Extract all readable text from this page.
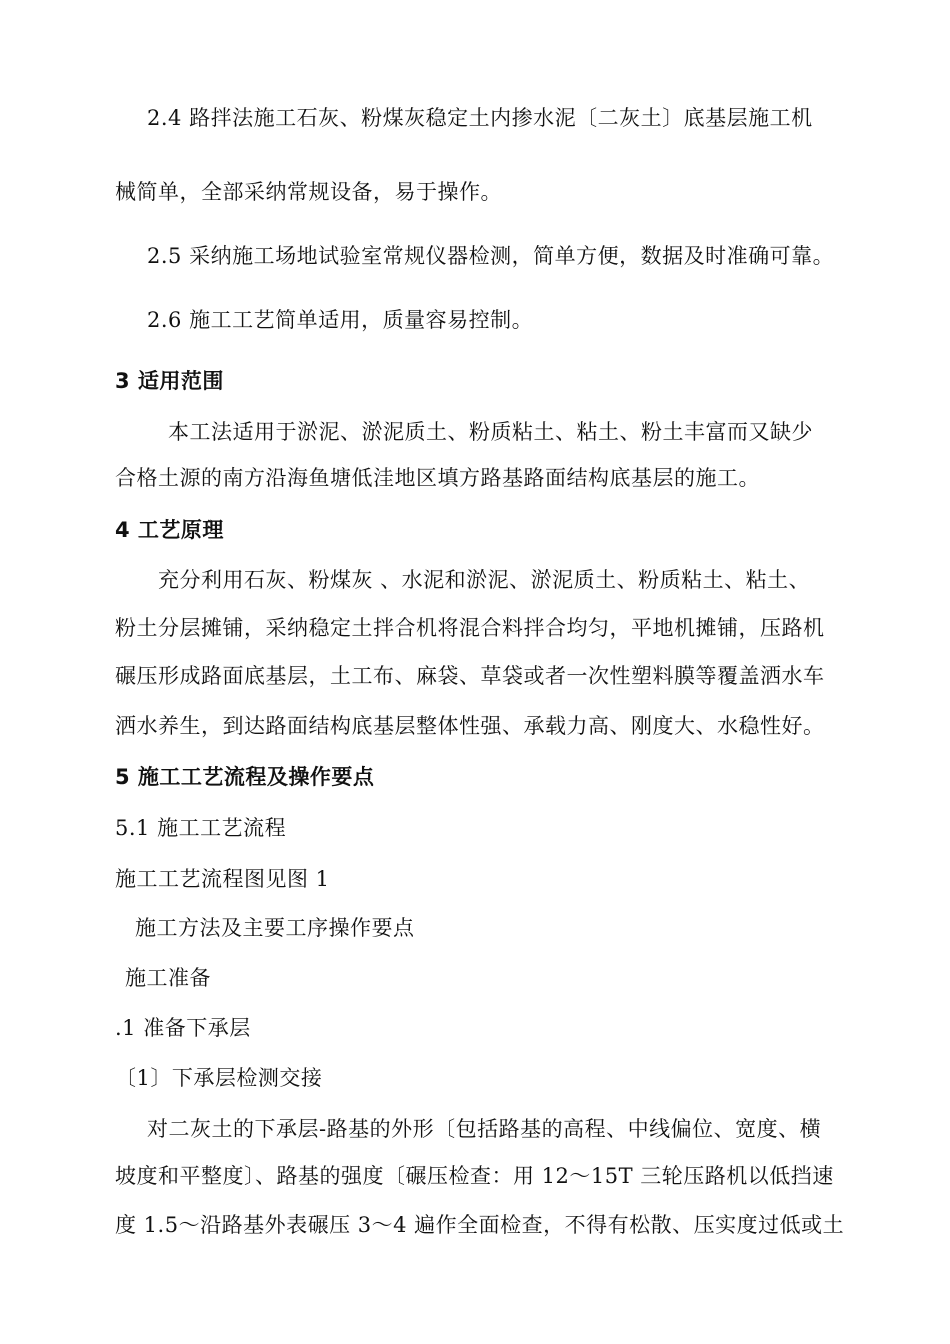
2.4 路拌法施工石灰、粉煤灰稳定土内掺水泥〔二灰土〕底基层施工机
械简单，全部采纳常规设备，易于操作。
2.5 采纳施工场地试验室常规仪器检测，简单方便，数据及时准确可靠。
2.6 施工工艺简单适用，质量容易控制。
3 适用范围
本工法适用于淤泥、淤泥质土、粉质粘土、粘土、粉土丰富而又缺少
合格土源的南方沿海鱼塘低洼地区填方路基路面结构底基层的施工。
4 工艺原理
充分利用石灰、粉煤灰 、水泥和淤泥、淤泥质土、粉质粘土、粘土、
粉土分层摊铺，采纳稳定土拌合机将混合料拌合均匀，平地机摊铺，压路机
碾压形成路面底基层，土工布、麻袋、草袋或者一次性塑料膜等覆盖洒水车
洒水养生，到达路面结构底基层整体性强、承载力高、刚度大、水稳性好。
5 施工工艺流程及操作要点
5.1 施工工艺流程
施工工艺流程图见图 1
施工方法及主要工序操作要点
施工准备
.1 准备下承层
〔1〕下承层检测交接
对二灰土的下承层-路基的外形〔包括路基的高程、中线偏位、宽度、横
坡度和平整度〕、路基的强度〔碾压检查：用 12～15T 三轮压路机以低挡速
度 1.5～沿路基外表碾压 3～4 遍作全面检查，不得有松散、压实度过低或土
